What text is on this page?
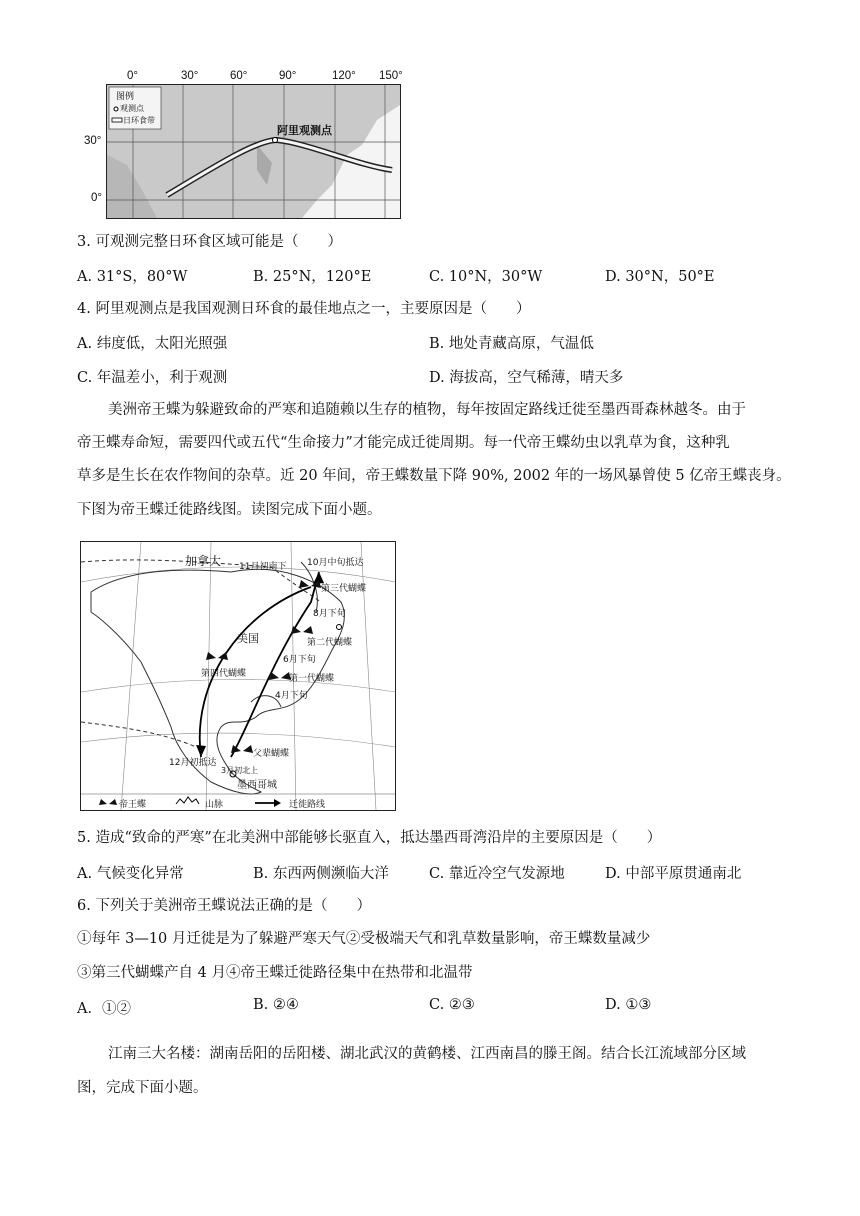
0°	30°	60°	90°	120° 150°
30°
0°
图例
观测点
日环食带
阿里观测点
3. 可观测完整日环食区域可能是（　　）
A. 31°S，80°W	B. 25°N，120°E	C. 10°N，30°W	D. 30°N，50°E
4. 阿里观测点是我国观测日环食的最佳地点之一，主要原因是（　　）
A. 纬度低，太阳光照强	B. 地处青藏高原，气温低
C. 年温差小，利于观测	D. 海拔高，空气稀薄，晴天多
美洲帝王蝶为躲避致命的严寒和追随赖以生存的植物，每年按固定路线迁徙至墨西哥森林越冬。由于
帝王蝶寿命短，需要四代或五代“生命接力”才能完成迁徙周期。每一代帝王蝶幼虫以乳草为食，这种乳
草多是生长在农作物间的杂草。近 20 年间，帝王蝶数量下降 90%, 2002 年的一场风暴曾使 5 亿帝王蝶丧身。
下图为帝王蝶迁徙路线图。读图完成下面小题。
加拿大 11月初南下 10月中旬抵达
第三代蝴蝶
8月下旬
美国	第二代蝴蝶
6月下旬
第四代蝴蝶	第一代蝴蝶
4月下旬
父辈蝴蝶
12月初抵达
3月初北上
墨西哥城
帝王蝶	山脉	迁徙路线
5. 造成“致命的严寒”在北美洲中部能够长驱直入，抵达墨西哥湾沿岸的主要原因是（　　）
A. 气候变化异常	B. 东西两侧濒临大洋	C. 靠近冷空气发源地	D. 中部平原贯通南北
6. 下列关于美洲帝王蝶说法正确的是（　　）
①每年 3—10 月迁徙是为了躲避严寒天气②受极端天气和乳草数量影响，帝王蝶数量减少
③第三代蝴蝶产自 4 月④帝王蝶迁徙路径集中在热带和北温带
A．①②	B. ②④	C. ②③	D. ①③
江南三大名楼：湖南岳阳的岳阳楼、湖北武汉的黄鹤楼、江西南昌的滕王阁。结合长江流域部分区域
图，完成下面小题。
